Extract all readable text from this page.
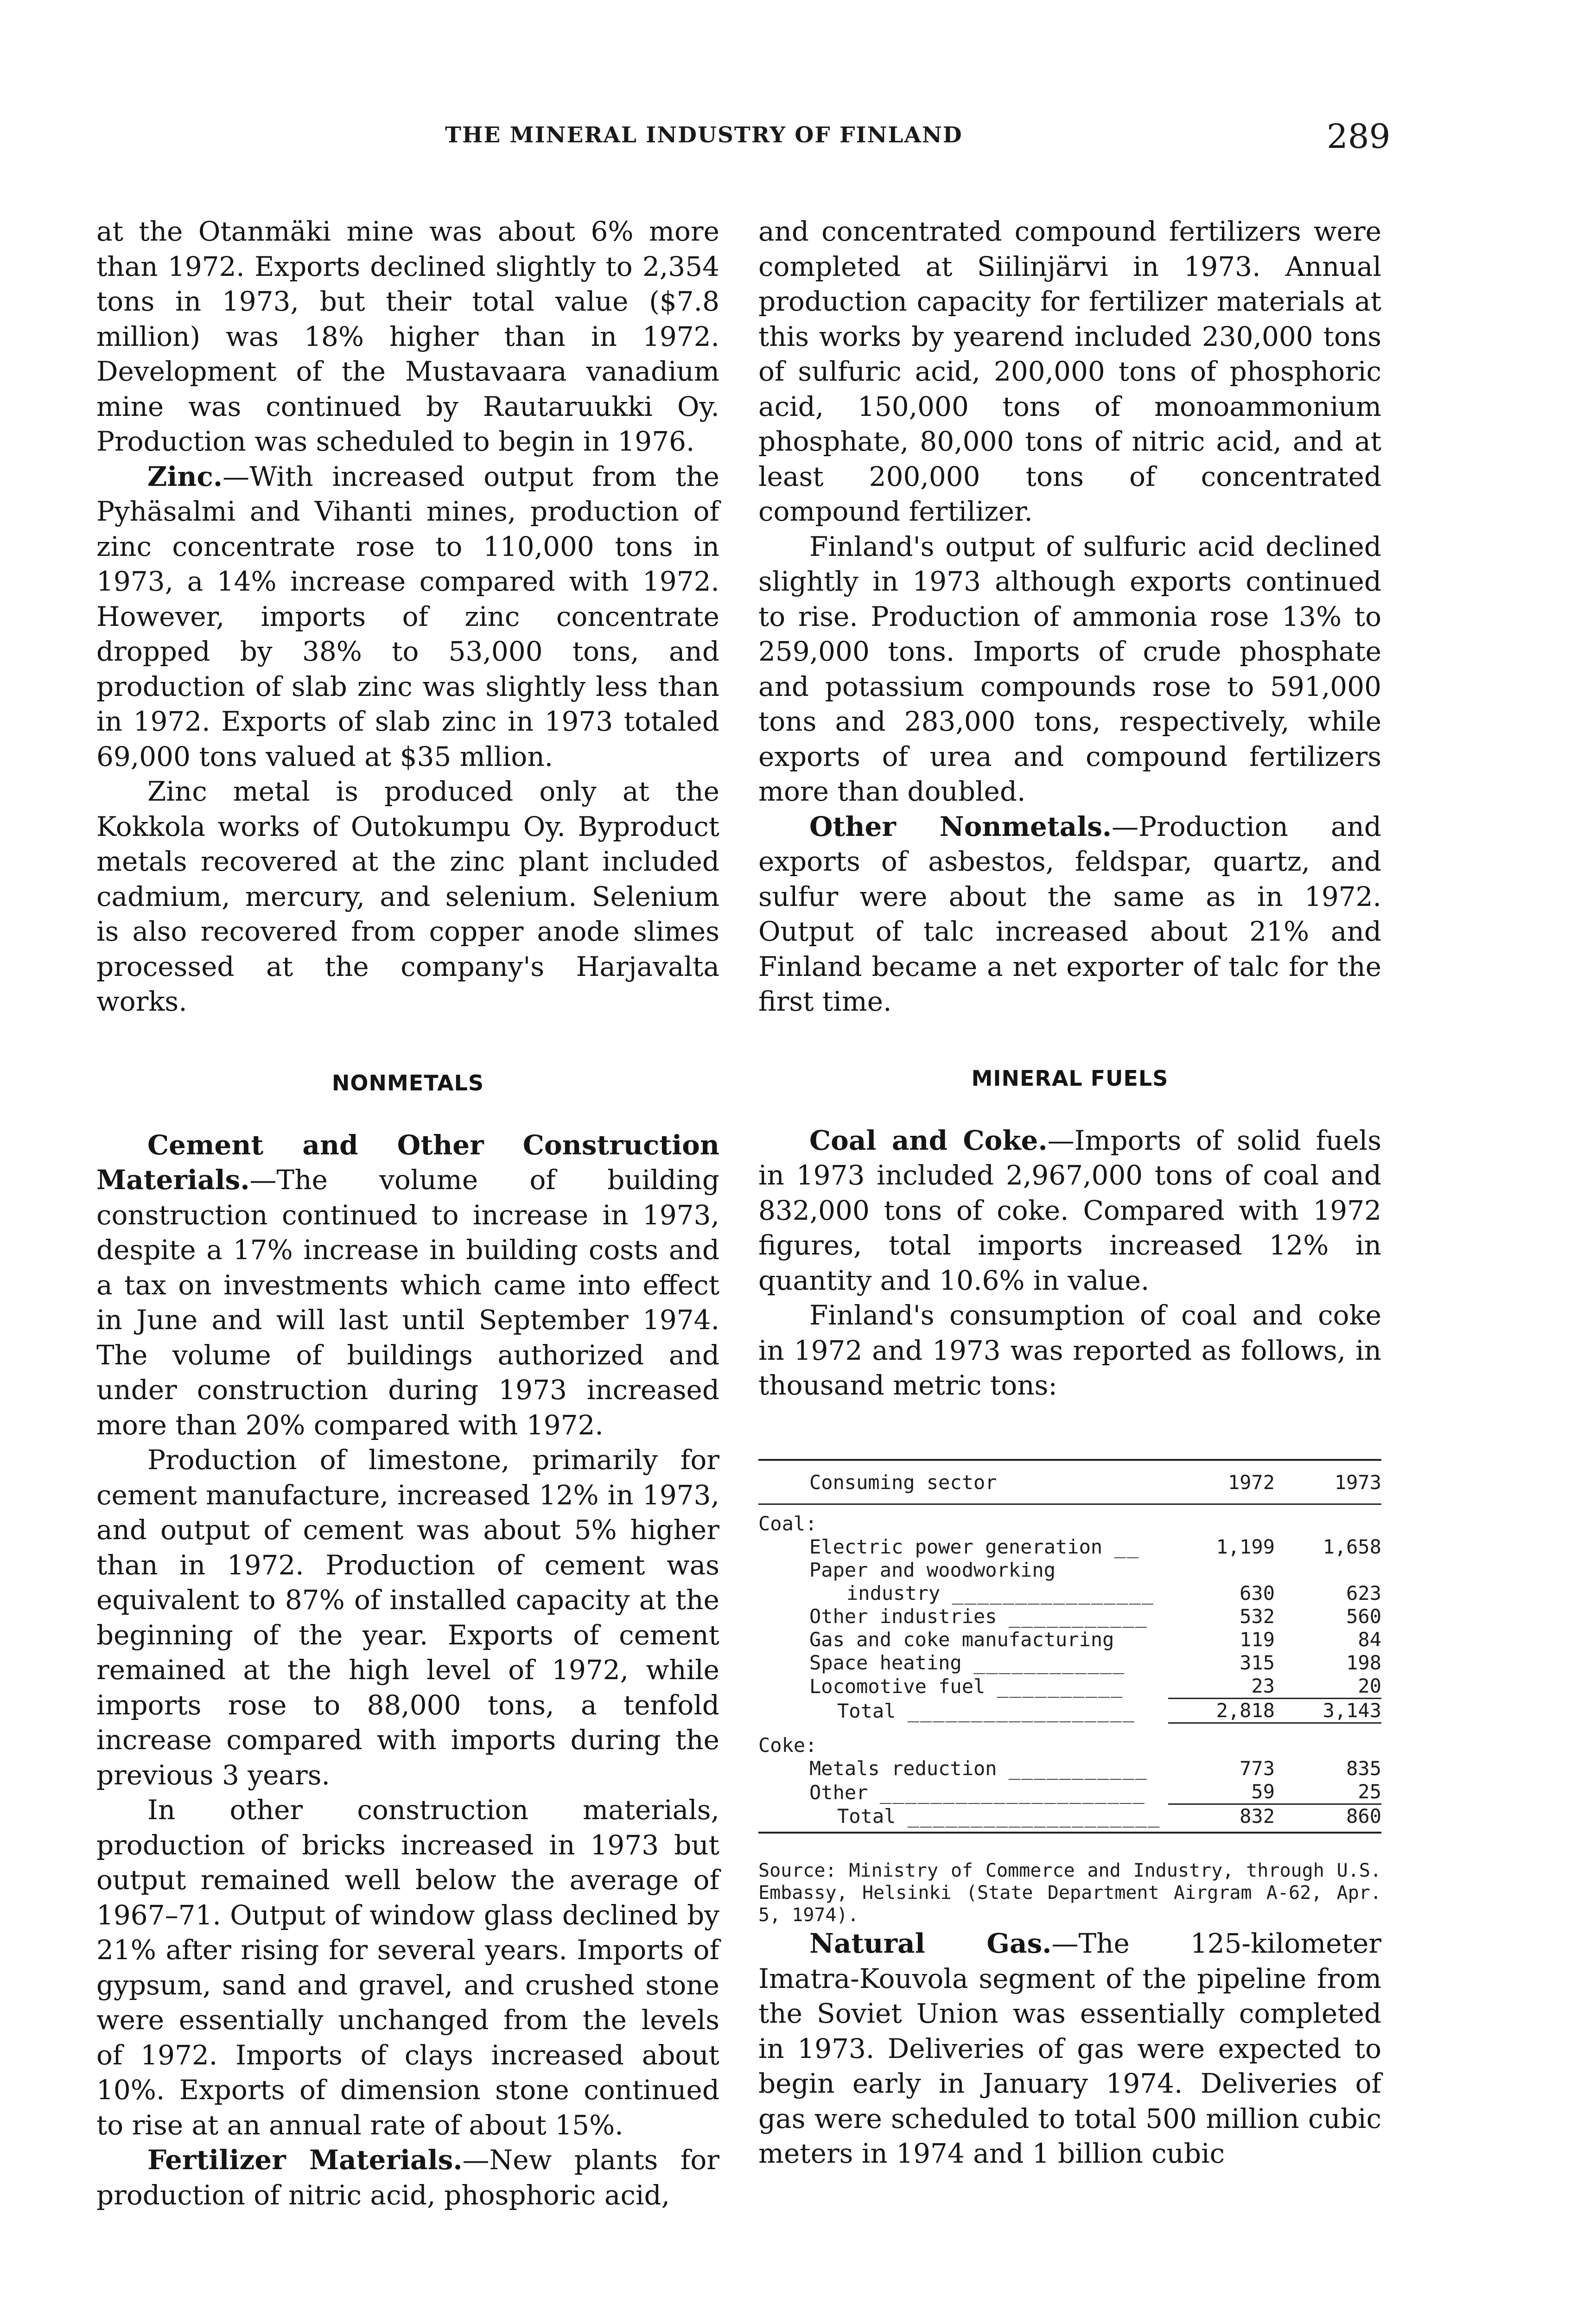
THE MINERAL INDUSTRY OF FINLAND	289

at the Otanmäki mine was about 6% more than 1972. Exports declined slightly to 2,354 tons in 1973, but their total value ($7.8 million) was 18% higher than in 1972. Development of the Mustavaara vanadium mine was continued by Rautaruukki Oy. Production was scheduled to begin in 1976.

Zinc.—With increased output from the Pyhäsalmi and Vihanti mines, production of zinc concentrate rose to 110,000 tons in 1973, a 14% increase compared with 1972. However, imports of zinc concentrate dropped by 38% to 53,000 tons, and production of slab zinc was slightly less than in 1972. Exports of slab zinc in 1973 totaled 69,000 tons valued at $35 mllion.

Zinc metal is produced only at the Kokkola works of Outokumpu Oy. Byproduct metals recovered at the zinc plant included cadmium, mercury, and selenium. Selenium is also recovered from copper anode slimes processed at the company's Harjavalta works.

NONMETALS

Cement and Other Construction Materials.—The volume of building construction continued to increase in 1973, despite a 17% increase in building costs and a tax on investments which came into effect in June and will last until September 1974. The volume of buildings authorized and under construction during 1973 increased more than 20% compared with 1972.

Production of limestone, primarily for cement manufacture, increased 12% in 1973, and output of cement was about 5% higher than in 1972. Production of cement was equivalent to 87% of installed capacity at the beginning of the year. Exports of cement remained at the high level of 1972, while imports rose to 88,000 tons, a tenfold increase compared with imports during the previous 3 years.

In other construction materials, production of bricks increased in 1973 but output remained well below the average of 1967–71. Output of window glass declined by 21% after rising for several years. Imports of gypsum, sand and gravel, and crushed stone were essentially unchanged from the levels of 1972. Imports of clays increased about 10%. Exports of dimension stone continued to rise at an annual rate of about 15%.

Fertilizer Materials.—New plants for production of nitric acid, phosphoric acid,

and concentrated compound fertilizers were completed at Siilinjärvi in 1973. Annual production capacity for fertilizer materials at this works by yearend included 230,000 tons of sulfuric acid, 200,000 tons of phosphoric acid, 150,000 tons of monoammonium phosphate, 80,000 tons of nitric acid, and at least 200,000 tons of concentrated compound fertilizer.

Finland's output of sulfuric acid declined slightly in 1973 although exports continued to rise. Production of ammonia rose 13% to 259,000 tons. Imports of crude phosphate and potassium compounds rose to 591,000 tons and 283,000 tons, respectively, while exports of urea and compound fertilizers more than doubled.

Other Nonmetals.—Production and exports of asbestos, feldspar, quartz, and sulfur were about the same as in 1972. Output of talc increased about 21% and Finland became a net exporter of talc for the first time.

MINERAL FUELS

Coal and Coke.—Imports of solid fuels in 1973 included 2,967,000 tons of coal and 832,000 tons of coke. Compared with 1972 figures, total imports increased 12% in quantity and 10.6% in value.

Finland's consumption of coal and coke in 1972 and 1973 was reported as follows, in thousand metric tons:

Consuming sector	1972	1973
Coal:		
Electric power generation __	1,199	1,658
Paper and woodworking		
industry ________________	630	623
Other industries ___________	532	560
Gas and coke manufacturing	119	84
Space heating ____________	315	198
Locomotive fuel __________	23	20
Total __________________	2,818	3,143
Coke:		
Metals reduction ___________	773	835
Other _____________________	59	25
Total ____________________	832	860
Source: Ministry of Commerce and Industry, through U.S. Embassy, Helsinki (State Department Airgram A-62, Apr. 5, 1974).

Natural Gas.—The 125-kilometer Imatra-Kouvola segment of the pipeline from the Soviet Union was essentially completed in 1973. Deliveries of gas were expected to begin early in January 1974. Deliveries of gas were scheduled to total 500 million cubic meters in 1974 and 1 billion cubic
